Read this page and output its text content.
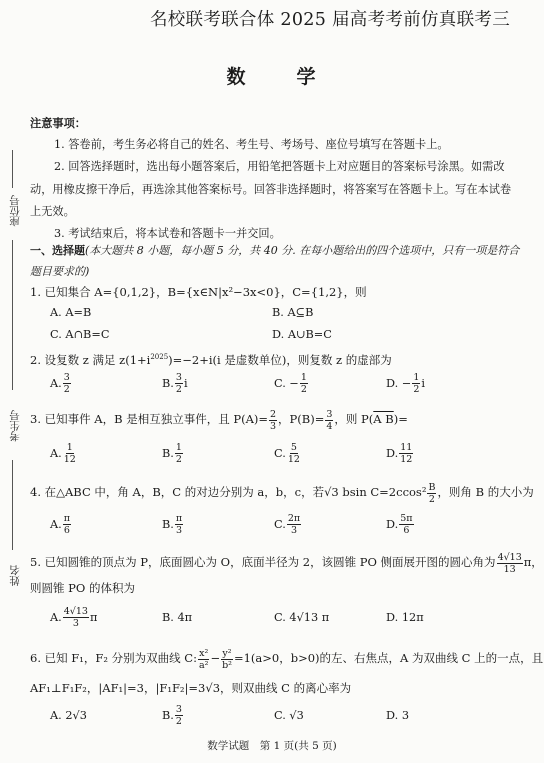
名校联考联合体 2025 届高考考前仿真联考三
数　学
座位号
考生号
姓名
注意事项：
1. 答卷前，考生务必将自己的姓名、考生号、考场号、座位号填写在答题卡上。
2. 回答选择题时，选出每小题答案后，用铅笔把答题卡上对应题目的答案标号涂黑。如需改动，用橡皮擦干净后，再选涂其他答案标号。回答非选择题时，将答案写在答题卡上。写在本试卷上无效。
3. 考试结束后，将本试卷和答题卡一并交回。
一、选择题(本大题共 8 小题，每小题 5 分，共 40 分. 在每小题给出的四个选项中，只有一项是符合题目要求的)
1. 已知集合 A={0,1,2}，B={x∈N|x²−3x<0}，C={1,2}，则
A. A=B	B. A⊆B
C. A∩B=C	D. A∪B=C
2. 设复数 z 满足 $z(1+i^{2025})=-2+i(i$ 是虚数单位)，则复数 z 的虚部为
A. $\frac{3}{2}$	B. $\frac{3}{2}$ i	C. − $\frac{1}{2}$	D. − $\frac{1}{2}$ i
3. 已知事件 A，B 是相互独立事件，且 $P(A)= \frac{2}{3}$ ，$P(B)= \frac{3}{4}$ ，则 P(A B)=
A. $\frac{1}{12}$	B. $\frac{1}{2}$	C. $\frac{5}{12}$	D. $\frac{11}{12}$
4. 在△ABC 中，角 A，B，C 的对边分别为 a，b，c，若√3 bsin $C=2ccos^2 \frac{B}{2}$ ，则角 B 的大小为
A. $\frac{\pi}{6}$	B. $\frac{\pi}{3}$	C. $\frac{2\pi}{3}$	D. $\frac{5\pi}{6}$
5. 已知圆锥的顶点为 P，底面圆心为 O，底面半径为 2，该圆锥 PO 侧面展开图的圆心角为 $\frac{4√13}{13}$ π，
则圆锥 PO 的体积为
A. $\frac{4√13}{3}$ π	B. 4π	C. 4√13 π	D. 12π
6. 已知 F₁，F₂ 分别为双曲线 C: $\frac{\text{x²}}{\text{a²}} - \frac{\text{y²}}{\text{b²}} =1(a>0$，b>0)的左、右焦点，A 为双曲线 C 上的一点，且
AF₁⊥F₁F₂，|AF₁|=3，|F₁F₂|=3√3，则双曲线 C 的离心率为
A. 2√3	B. $\frac{3}{2}$	C. √3	D. 3
数学试题　第 1 页(共 5 页)
